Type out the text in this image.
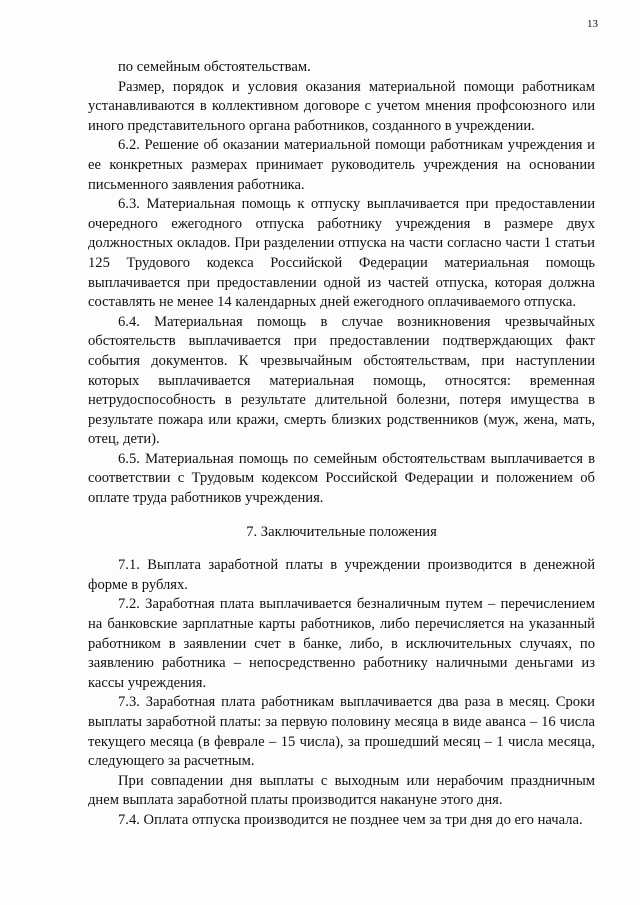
13

по семейным обстоятельствам.

Размер, порядок и условия оказания материальной помощи работникам устанавливаются в коллективном договоре с учетом мнения профсоюзного или иного представительного органа работников, созданного в учреждении.

6.2. Решение об оказании материальной помощи работникам учреждения и ее конкретных размерах принимает руководитель учреждения на основании письменного заявления работника.

6.3. Материальная помощь к отпуску выплачивается при предоставлении очередного ежегодного отпуска работнику учреждения в размере двух должностных окладов. При разделении отпуска на части согласно части 1 статьи 125 Трудового кодекса Российской Федерации материальная помощь выплачивается при предоставлении одной из частей отпуска, которая должна составлять не менее 14 календарных дней ежегодного оплачиваемого отпуска.

6.4. Материальная помощь в случае возникновения чрезвычайных обстоятельств выплачивается при предоставлении подтверждающих факт события документов. К чрезвычайным обстоятельствам, при наступлении которых выплачивается материальная помощь, относятся: временная нетрудоспособность в результате длительной болезни, потеря имущества в результате пожара или кражи, смерть близких родственников (муж, жена, мать, отец, дети).

6.5. Материальная помощь по семейным обстоятельствам выплачивается в соответствии с Трудовым кодексом Российской Федерации и положением об оплате труда работников учреждения.

7. Заключительные положения

7.1. Выплата заработной платы в учреждении производится в денежной форме в рублях.

7.2. Заработная плата выплачивается безналичным путем – перечислением на банковские зарплатные карты работников, либо перечисляется на указанный работником в заявлении счет в банке, либо, в исключительных случаях, по заявлению работника – непосредственно работнику наличными деньгами из кассы учреждения.

7.3. Заработная плата работникам выплачивается два раза в месяц. Сроки выплаты заработной платы: за первую половину месяца в виде аванса – 16 числа текущего месяца (в феврале – 15 числа), за прошедший месяц – 1 числа месяца, следующего за расчетным.

При совпадении дня выплаты с выходным или нерабочим праздничным днем выплата заработной платы производится накануне этого дня.

7.4. Оплата отпуска производится не позднее чем за три дня до его начала.
